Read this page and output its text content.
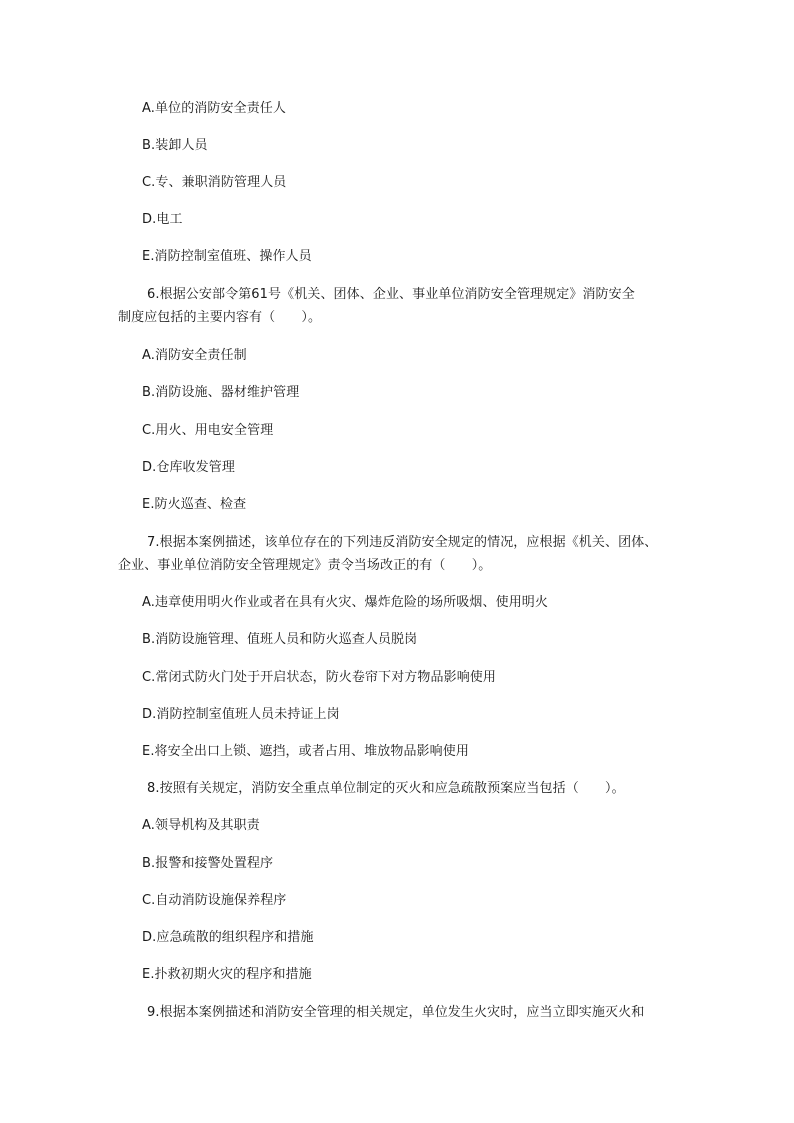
A.单位的消防安全责任人
B.装卸人员
C.专、兼职消防管理人员
D.电工
E.消防控制室值班、操作人员
6.根据公安部令第61号《机关、团体、企业、事业单位消防安全管理规定》消防安全
制度应包括的主要内容有（　　）。
A.消防安全责任制
B.消防设施、器材维护管理
C.用火、用电安全管理
D.仓库收发管理
E.防火巡查、检查
7.根据本案例描述，该单位存在的下列违反消防安全规定的情况，应根据《机关、团体、
企业、事业单位消防安全管理规定》责令当场改正的有（　　）。
A.违章使用明火作业或者在具有火灾、爆炸危险的场所吸烟、使用明火
B.消防设施管理、值班人员和防火巡查人员脱岗
C.常闭式防火门处于开启状态，防火卷帘下对方物品影响使用
D.消防控制室值班人员未持证上岗
E.将安全出口上锁、遮挡，或者占用、堆放物品影响使用
8.按照有关规定，消防安全重点单位制定的灭火和应急疏散预案应当包括（　　）。
A.领导机构及其职责
B.报警和接警处置程序
C.自动消防设施保养程序
D.应急疏散的组织程序和措施
E.扑救初期火灾的程序和措施
9.根据本案例描述和消防安全管理的相关规定，单位发生火灾时，应当立即实施灭火和
